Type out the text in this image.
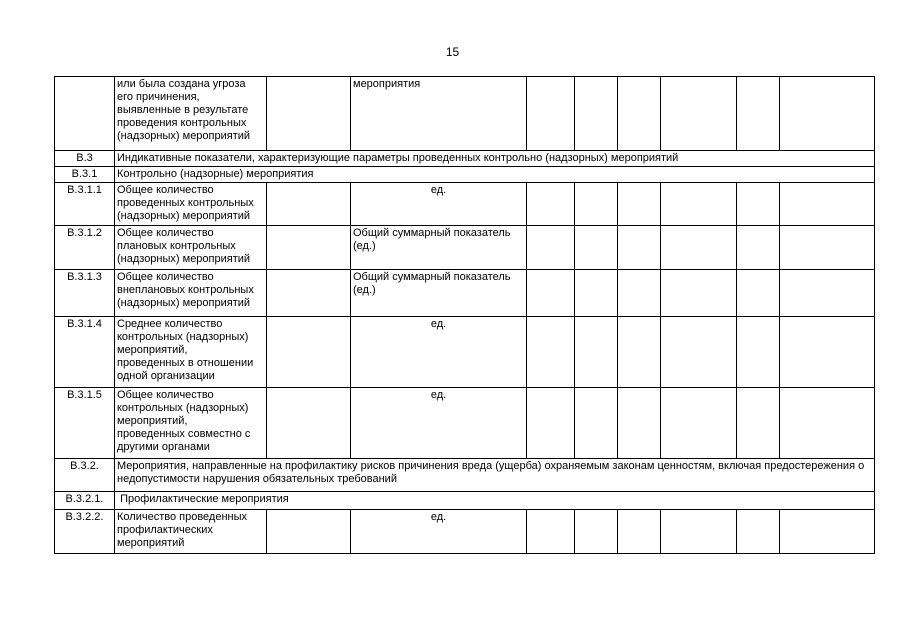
15
	или была создана угроза
его причинения,
выявленные в результате
проведения контрольных
(надзорных) мероприятий		мероприятия						
В.3	Индикативные показатели, характеризующие параметры проведенных контрольно (надзорных) мероприятий								
В.3.1	Контрольно (надзорные) мероприятия								
В.3.1.1	Общее количество
проведенных контрольных
(надзорных) мероприятий		ед.						
В.3.1.2	Общее количество
плановых контрольных
(надзорных) мероприятий		Общий суммарный показатель
(ед.)						
В.3.1.3	Общее количество
внеплановых контрольных
(надзорных) мероприятий		Общий суммарный показатель
(ед.)						
В.3.1.4	Среднее количество
контрольных (надзорных)
мероприятий,
проведенных в отношении
одной организации		ед.						
В.3.1.5	Общее количество
контрольных (надзорных)
мероприятий,
проведенных совместно с
другими органами		ед.						
В.3.2.	Мероприятия, направленные на профилактику рисков причинения вреда (ущерба) охраняемым законам ценностям, включая предостережения о недопустимости нарушения обязательных требований								
В.3.2.1.	Профилактические мероприятия								
В.3.2.2.	Количество проведенных
профилактических
мероприятий		ед.						
